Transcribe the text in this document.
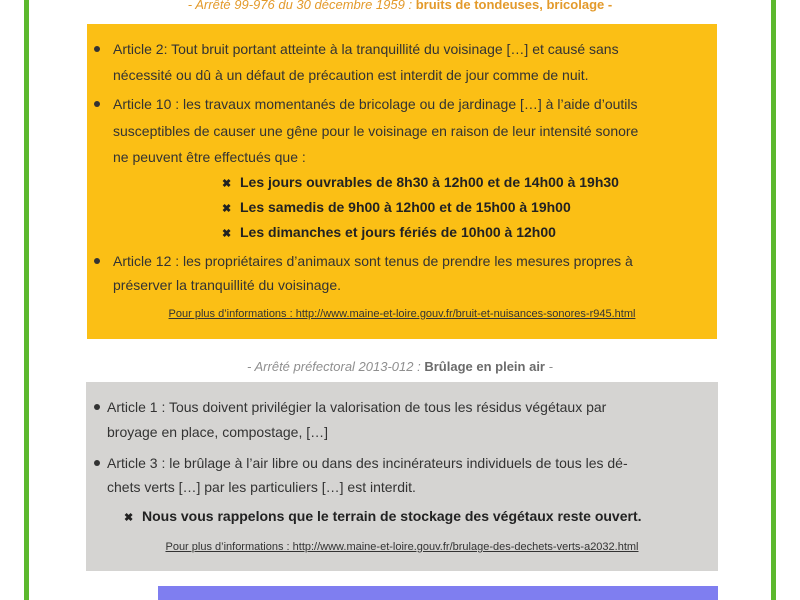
- Arrêté 99-976 du 30 décembre 1959 : bruits de tondeuses, bricolage -
Article 2: Tout bruit portant atteinte à la tranquillité du voisinage […] et causé sans
nécessité ou dû à un défaut de précaution est interdit de jour comme de nuit.
Article 10 : les travaux momentanés de bricolage ou de jardinage […] à l’aide d’outils
susceptibles de causer une gêne pour le voisinage en raison de leur intensité sonore
ne peuvent être effectués que :
✖ Les jours ouvrables de 8h30 à 12h00 et de 14h00 à 19h30
✖ Les samedis de 9h00 à 12h00 et de 15h00 à 19h00
✖ Les dimanches et jours fériés de 10h00 à 12h00
Article 12 : les propriétaires d’animaux sont tenus de prendre les mesures propres à
préserver la tranquillité du voisinage.
Pour plus d’informations : http://www.maine-et-loire.gouv.fr/bruit-et-nuisances-sonores-r945.html
- Arrêté préfectoral 2013-012 : Brûlage en plein air -
Article 1 : Tous doivent privilégier la valorisation de tous les résidus végétaux par
broyage en place, compostage, […]
Article 3 : le brûlage à l’air libre ou dans des incinérateurs individuels de tous les dé-
chets verts […] par les particuliers […] est interdit.
✖ Nous vous rappelons que le terrain de stockage des végétaux reste ouvert.
Pour plus d’informations : http://www.maine-et-loire.gouv.fr/brulage-des-dechets-verts-a2032.html
